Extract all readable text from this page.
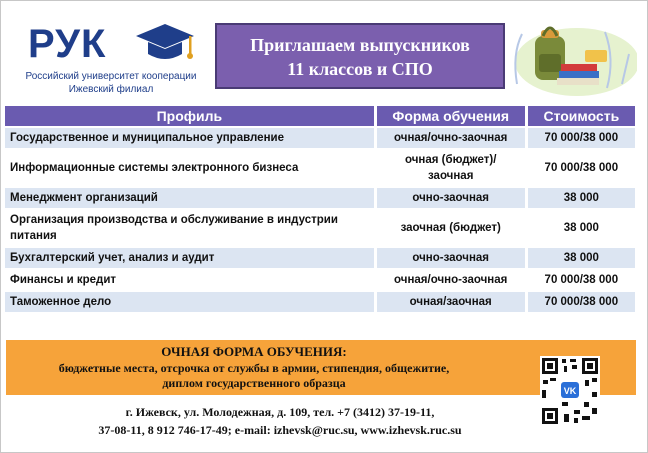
РУК
Российский университет кооперации
Ижевский филиал
Приглашаем выпускников
11 классов и СПО
Профиль	Форма обучения	Стоимость
Государственное и муниципальное управление	очная/очно-заочная	70 000/38 000
Информационные системы электронного бизнеса	очная (бюджет)/ заочная	70 000/38 000
Менеджмент организаций	очно-заочная	38 000
Организация производства и обслуживание в индустрии питания	заочная (бюджет)	38 000
Бухгалтерский учет, анализ и аудит	очно-заочная	38 000
Финансы и кредит	очная/очно-заочная	70 000/38 000
Таможенное дело	очная/заочная	70 000/38 000
ОЧНАЯ ФОРМА ОБУЧЕНИЯ:
бюджетные места, отсрочка от службы в армии, стипендия, общежитие,
диплом государственного образца
VK
г. Ижевск, ул. Молодежная, д. 109, тел. +7 (3412) 37-19-11,
37-08-11, 8 912 746-17-49; e-mail: izhevsk@ruc.su, www.izhevsk.ruc.su
